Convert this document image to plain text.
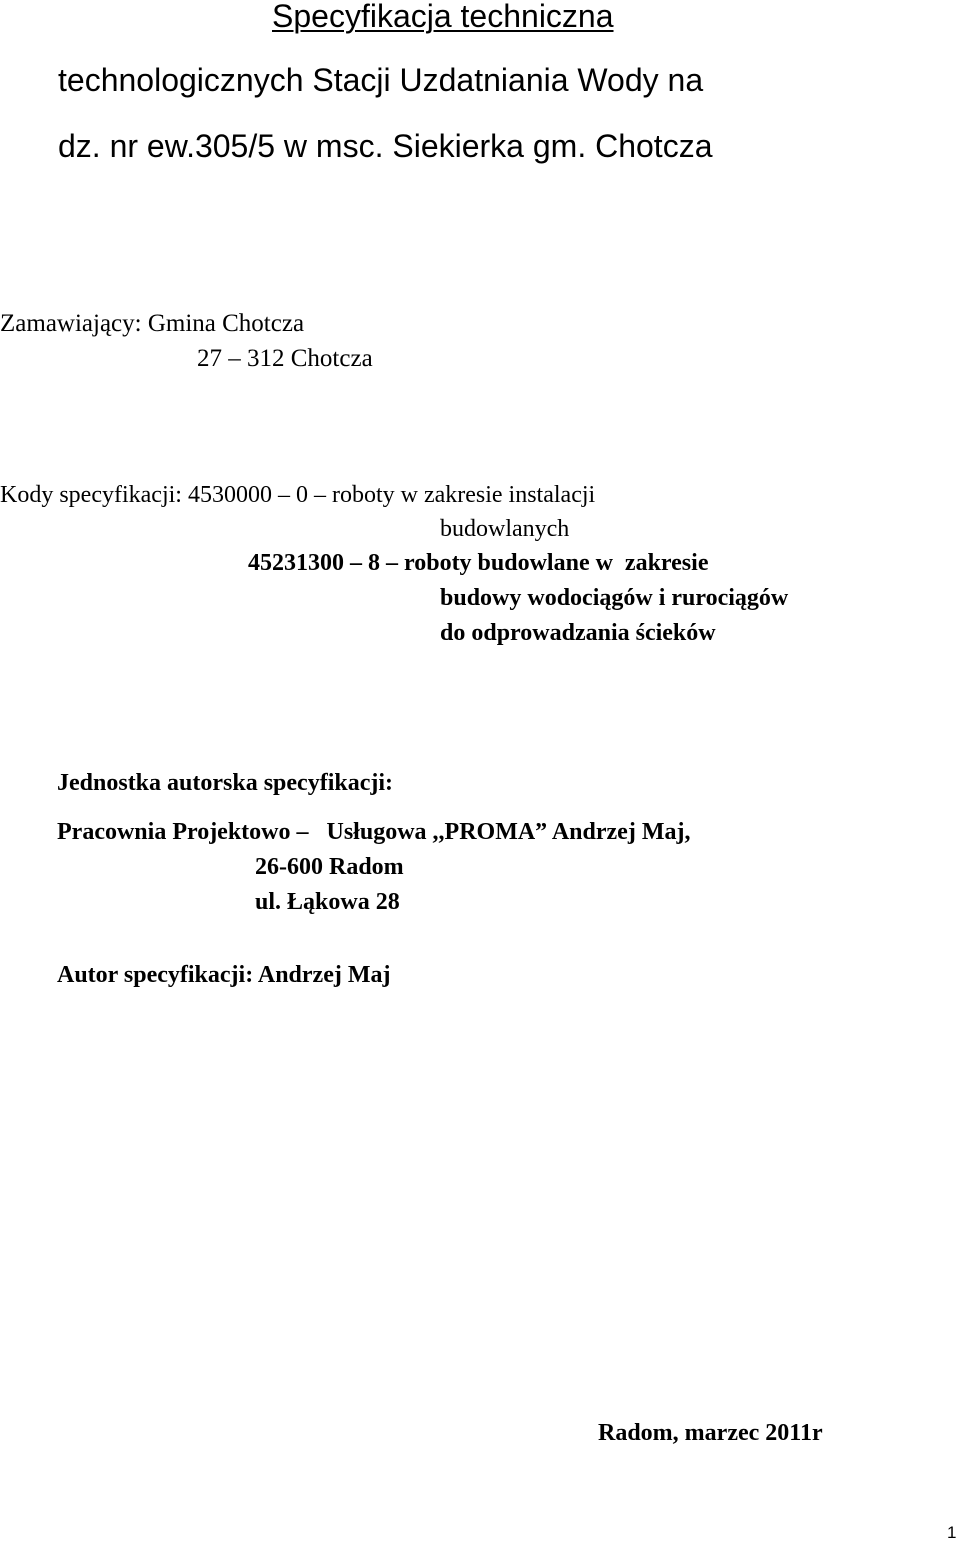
Specyfikacja techniczna
technologicznych Stacji Uzdatniania Wody na
dz. nr ew.305/5 w msc. Siekierka gm. Chotcza
Zamawiający: Gmina Chotcza
27 – 312 Chotcza
Kody specyfikacji: 4530000 – 0 – roboty w zakresie instalacji
budowlanych
45231300 – 8 – roboty budowlane w  zakresie
budowy wodociągów i rurociągów
do odprowadzania ścieków
Jednostka autorska specyfikacji:
Pracownia Projektowo –   Usługowa ,,PROMA” Andrzej Maj,
26-600 Radom
ul. Łąkowa 28
Autor specyfikacji: Andrzej Maj
Radom, marzec 2011r
1
